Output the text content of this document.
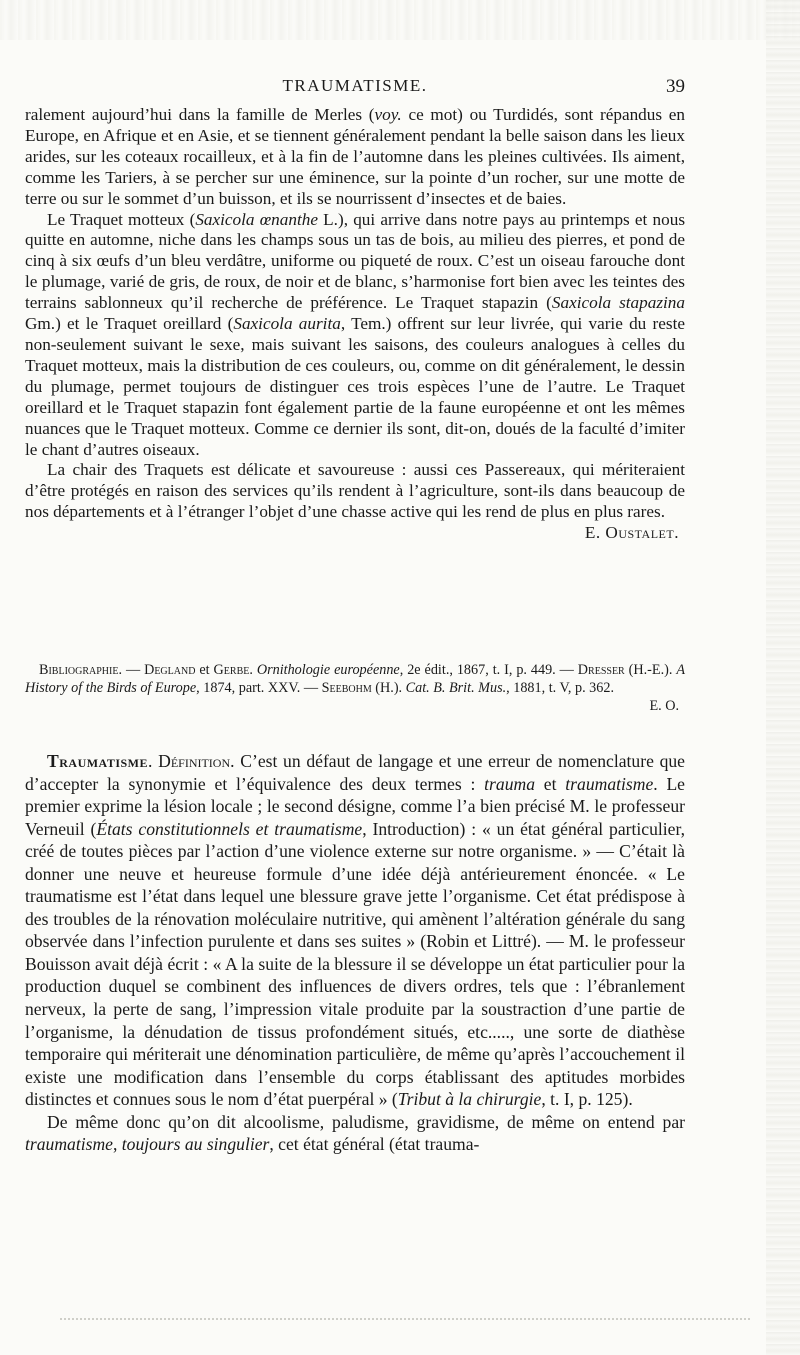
TRAUMATISME.	39

ralement aujourd’hui dans la famille de Merles (voy. ce mot) ou Turdidés, sont répandus en Europe, en Afrique et en Asie, et se tiennent généralement pendant la belle saison dans les lieux arides, sur les coteaux rocailleux, et à la fin de l’automne dans les pleines cultivées. Ils aiment, comme les Tariers, à se percher sur une éminence, sur la pointe d’un rocher, sur une motte de terre ou sur le sommet d’un buisson, et ils se nourrissent d’insectes et de baies.

Le Traquet motteux (Saxicola œnanthe L.), qui arrive dans notre pays au printemps et nous quitte en automne, niche dans les champs sous un tas de bois, au milieu des pierres, et pond de cinq à six œufs d’un bleu verdâtre, uniforme ou piqueté de roux. C’est un oiseau farouche dont le plumage, varié de gris, de roux, de noir et de blanc, s’harmonise fort bien avec les teintes des terrains sablonneux qu’il recherche de préférence. Le Traquet stapazin (Saxicola stapazina Gm.) et le Traquet oreillard (Saxicola aurita, Tem.) offrent sur leur livrée, qui varie du reste non-seulement suivant le sexe, mais suivant les saisons, des couleurs analogues à celles du Traquet motteux, mais la distribution de ces couleurs, ou, comme on dit généralement, le dessin du plumage, permet toujours de distinguer ces trois espèces l’une de l’autre. Le Traquet oreillard et le Traquet stapazin font également partie de la faune européenne et ont les mêmes nuances que le Traquet motteux. Comme ce dernier ils sont, dit-on, doués de la faculté d’imiter le chant d’autres oiseaux.

La chair des Traquets est délicate et savoureuse : aussi ces Passereaux, qui mériteraient d’être protégés en raison des services qu’ils rendent à l’agriculture, sont-ils dans beaucoup de nos départements et à l’étranger l’objet d’une chasse active qui les rend de plus en plus rares.

E. Oustalet.

Bibliographie. — Degland et Gerbe. Ornithologie européenne, 2e édit., 1867, t. I, p. 449. — Dresser (H.-E.). A History of the Birds of Europe, 1874, part. XXV. — Seebohm (H.). Cat. B. Brit. Mus., 1881, t. V, p. 362.

E. O.

Traumatisme. Définition. C’est un défaut de langage et une erreur de nomenclature que d’accepter la synonymie et l’équivalence des deux termes : trauma et traumatisme. Le premier exprime la lésion locale ; le second désigne, comme l’a bien précisé M. le professeur Verneuil (États constitutionnels et traumatisme, Introduction) : « un état général particulier, créé de toutes pièces par l’action d’une violence externe sur notre organisme. » — C’était là donner une neuve et heureuse formule d’une idée déjà antérieurement énoncée. « Le traumatisme est l’état dans lequel une blessure grave jette l’organisme. Cet état prédispose à des troubles de la rénovation moléculaire nutritive, qui amènent l’altération générale du sang observée dans l’infection purulente et dans ses suites » (Robin et Littré). — M. le professeur Bouisson avait déjà écrit : « A la suite de la blessure il se développe un état particulier pour la production duquel se combinent des influences de divers ordres, tels que : l’ébranlement nerveux, la perte de sang, l’impression vitale produite par la soustraction d’une partie de l’organisme, la dénudation de tissus profondément situés, etc....., une sorte de diathèse temporaire qui mériterait une dénomination particulière, de même qu’après l’accouchement il existe une modification dans l’ensemble du corps établissant des aptitudes morbides distinctes et connues sous le nom d’état puerpéral » (Tribut à la chirurgie, t. I, p. 125).

De même donc qu’on dit alcoolisme, paludisme, gravidisme, de même on entend par traumatisme, toujours au singulier, cet état général (état trauma-
